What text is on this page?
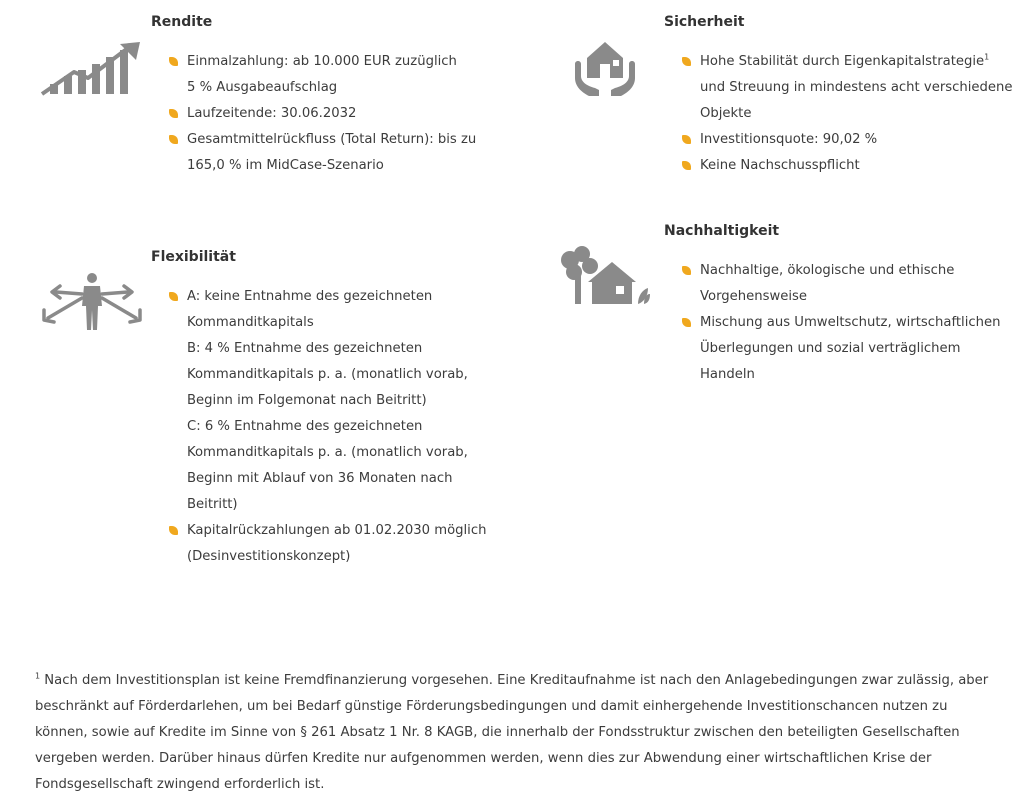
Rendite
Einmalzahlung: ab 10.000 EUR zuzüglich
5 % Ausgabeaufschlag
Laufzeitende: 30.06.2032
Gesamtmittelrückfluss (Total Return): bis zu
165,0 % im MidCase-Szenario
Sicherheit
Hohe Stabilität durch Eigenkapitalstrategie$^1$
und Streuung in mindestens acht verschiedene
Objekte
Investitionsquote: 90,02 %
Keine Nachschusspflicht
Flexibilität
A: keine Entnahme des gezeichneten
Kommanditkapitals
B: 4 % Entnahme des gezeichneten
Kommanditkapitals p. a. (monatlich vorab,
Beginn im Folgemonat nach Beitritt)
C: 6 % Entnahme des gezeichneten
Kommanditkapitals p. a. (monatlich vorab,
Beginn mit Ablauf von 36 Monaten nach
Beitritt)
Kapitalrückzahlungen ab 01.02.2030 möglich
(Desinvestitionskonzept)
Nachhaltigkeit
Nachhaltige, ökologische und ethische
Vorgehensweise
Mischung aus Umweltschutz, wirtschaftlichen
Überlegungen und sozial verträglichem
Handeln
$^1$ Nach dem Investitionsplan ist keine Fremdfinanzierung vorgesehen. Eine Kreditaufnahme ist nach den Anlagebedingungen zwar zulässig, aber
beschränkt auf Förderdarlehen, um bei Bedarf günstige Förderungsbedingungen und damit einhergehende Investitionschancen nutzen zu
können, sowie auf Kredite im Sinne von § 261 Absatz 1 Nr. 8 KAGB, die innerhalb der Fondsstruktur zwischen den beteiligten Gesellschaften
vergeben werden. Darüber hinaus dürfen Kredite nur aufgenommen werden, wenn dies zur Abwendung einer wirtschaftlichen Krise der
Fondsgesellschaft zwingend erforderlich ist.
